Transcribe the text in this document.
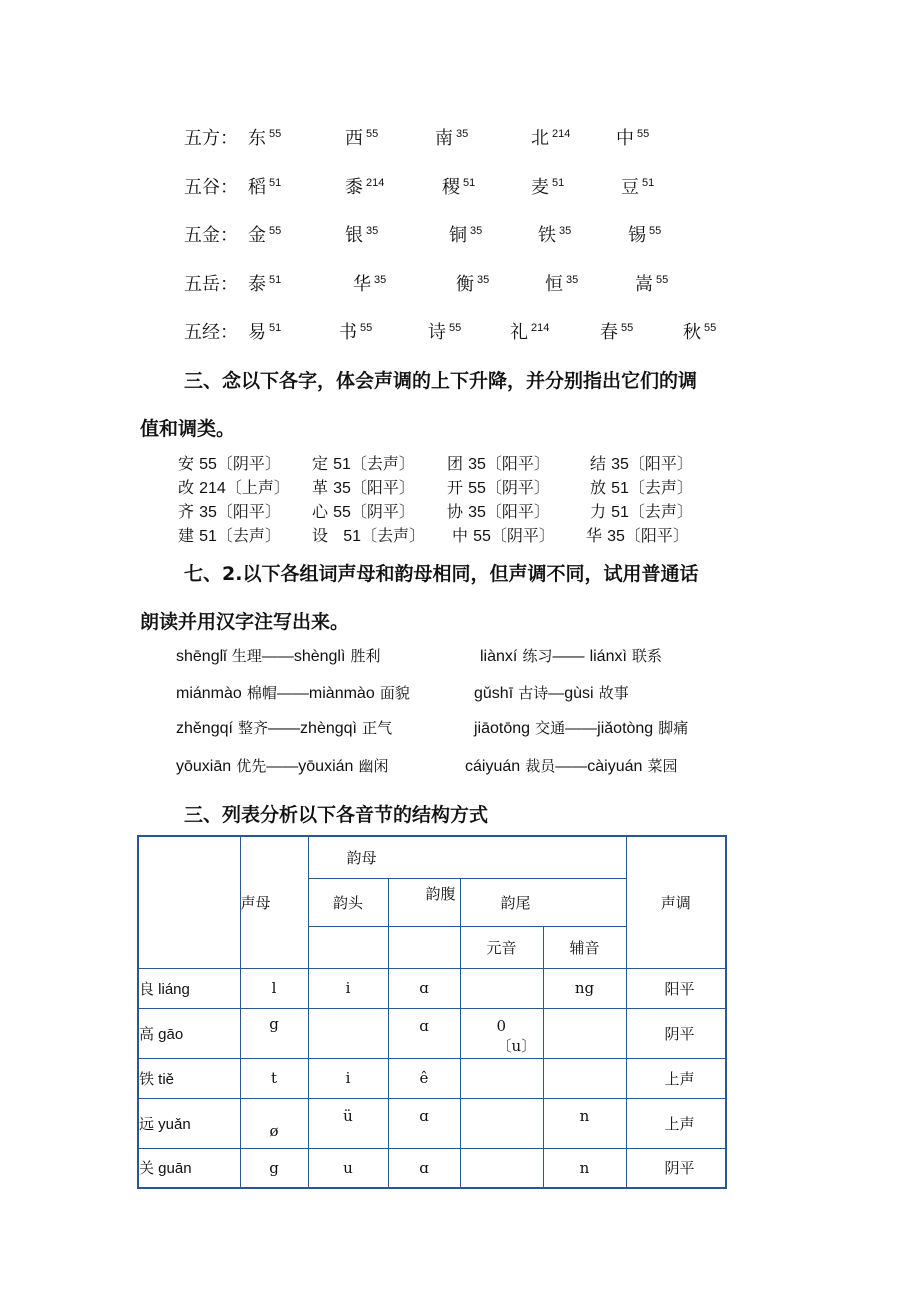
五方： 东 $^{55}$	西 $^{55}$	南 $^{35}$	北 $^{214}$	中 $^{55}$
五谷： 稻 $^{51}$	黍 $^{214}$	稷 $^{51}$	麦 $^{51}$	豆 $^{51}$
五金： 金 $^{55}$	银 $^{35}$	铜 $^{35}$	铁 $^{35}$	锡 $^{55}$
五岳： 泰 $^{51}$	华 $^{35}$	衡 $^{35}$	恒 $^{35}$	嵩 $^{55}$
五经： 易 $^{51}$	书 $^{55}$	诗 $^{55}$	礼 $^{214}$	春 $^{55}$	秋 $^{55}$
三、念以下各字，体会声调的上下升降，并分别指出它们的调
值和调类。
安 55〔阴平〕 定 51〔去声〕 团 35〔阳平〕	结 35〔阳平〕
改 214〔上声〕 革 35〔阳平〕 开 55〔阴平〕	放 51〔去声〕
齐 35〔阳平〕 心 55〔阴平〕 协 35〔阳平〕	力 51〔去声〕
建 51〔去声〕 设 51〔去声〕 中 55〔阴平〕 华 35〔阳平〕
七、2.以下各组词声母和韵母相同，但声调不同，试用普通话
朗读并用汉字注写出来。
shēnglǐ 生理——shènglì 胜利	liànxí 练习—— liánxì 联系
miánmào 棉帽——miànmào 面貌	gǔshī 古诗—gùsi 故事
zhěngqí 整齐——zhèngqì 正气	jiāotōng 交通——jiǎotòng 脚痛
yōuxiān 优先——yōuxián 幽闲	cáiyuán 裁员——càiyuán 菜园
三、列表分析以下各音节的结构方式
	声母	韵母				声调
		韵头	韵腹	韵尾		
				元音	辅音	
良 liáng	l	i	ɑ		ng	阳平
高 gāo	g		ɑ	0〔u〕		阴平
铁 tiě	t	i	ê			上声
远 yuǎn	ø	ü	ɑ		n	上声
关 guān	g	u	ɑ		n	阴平
